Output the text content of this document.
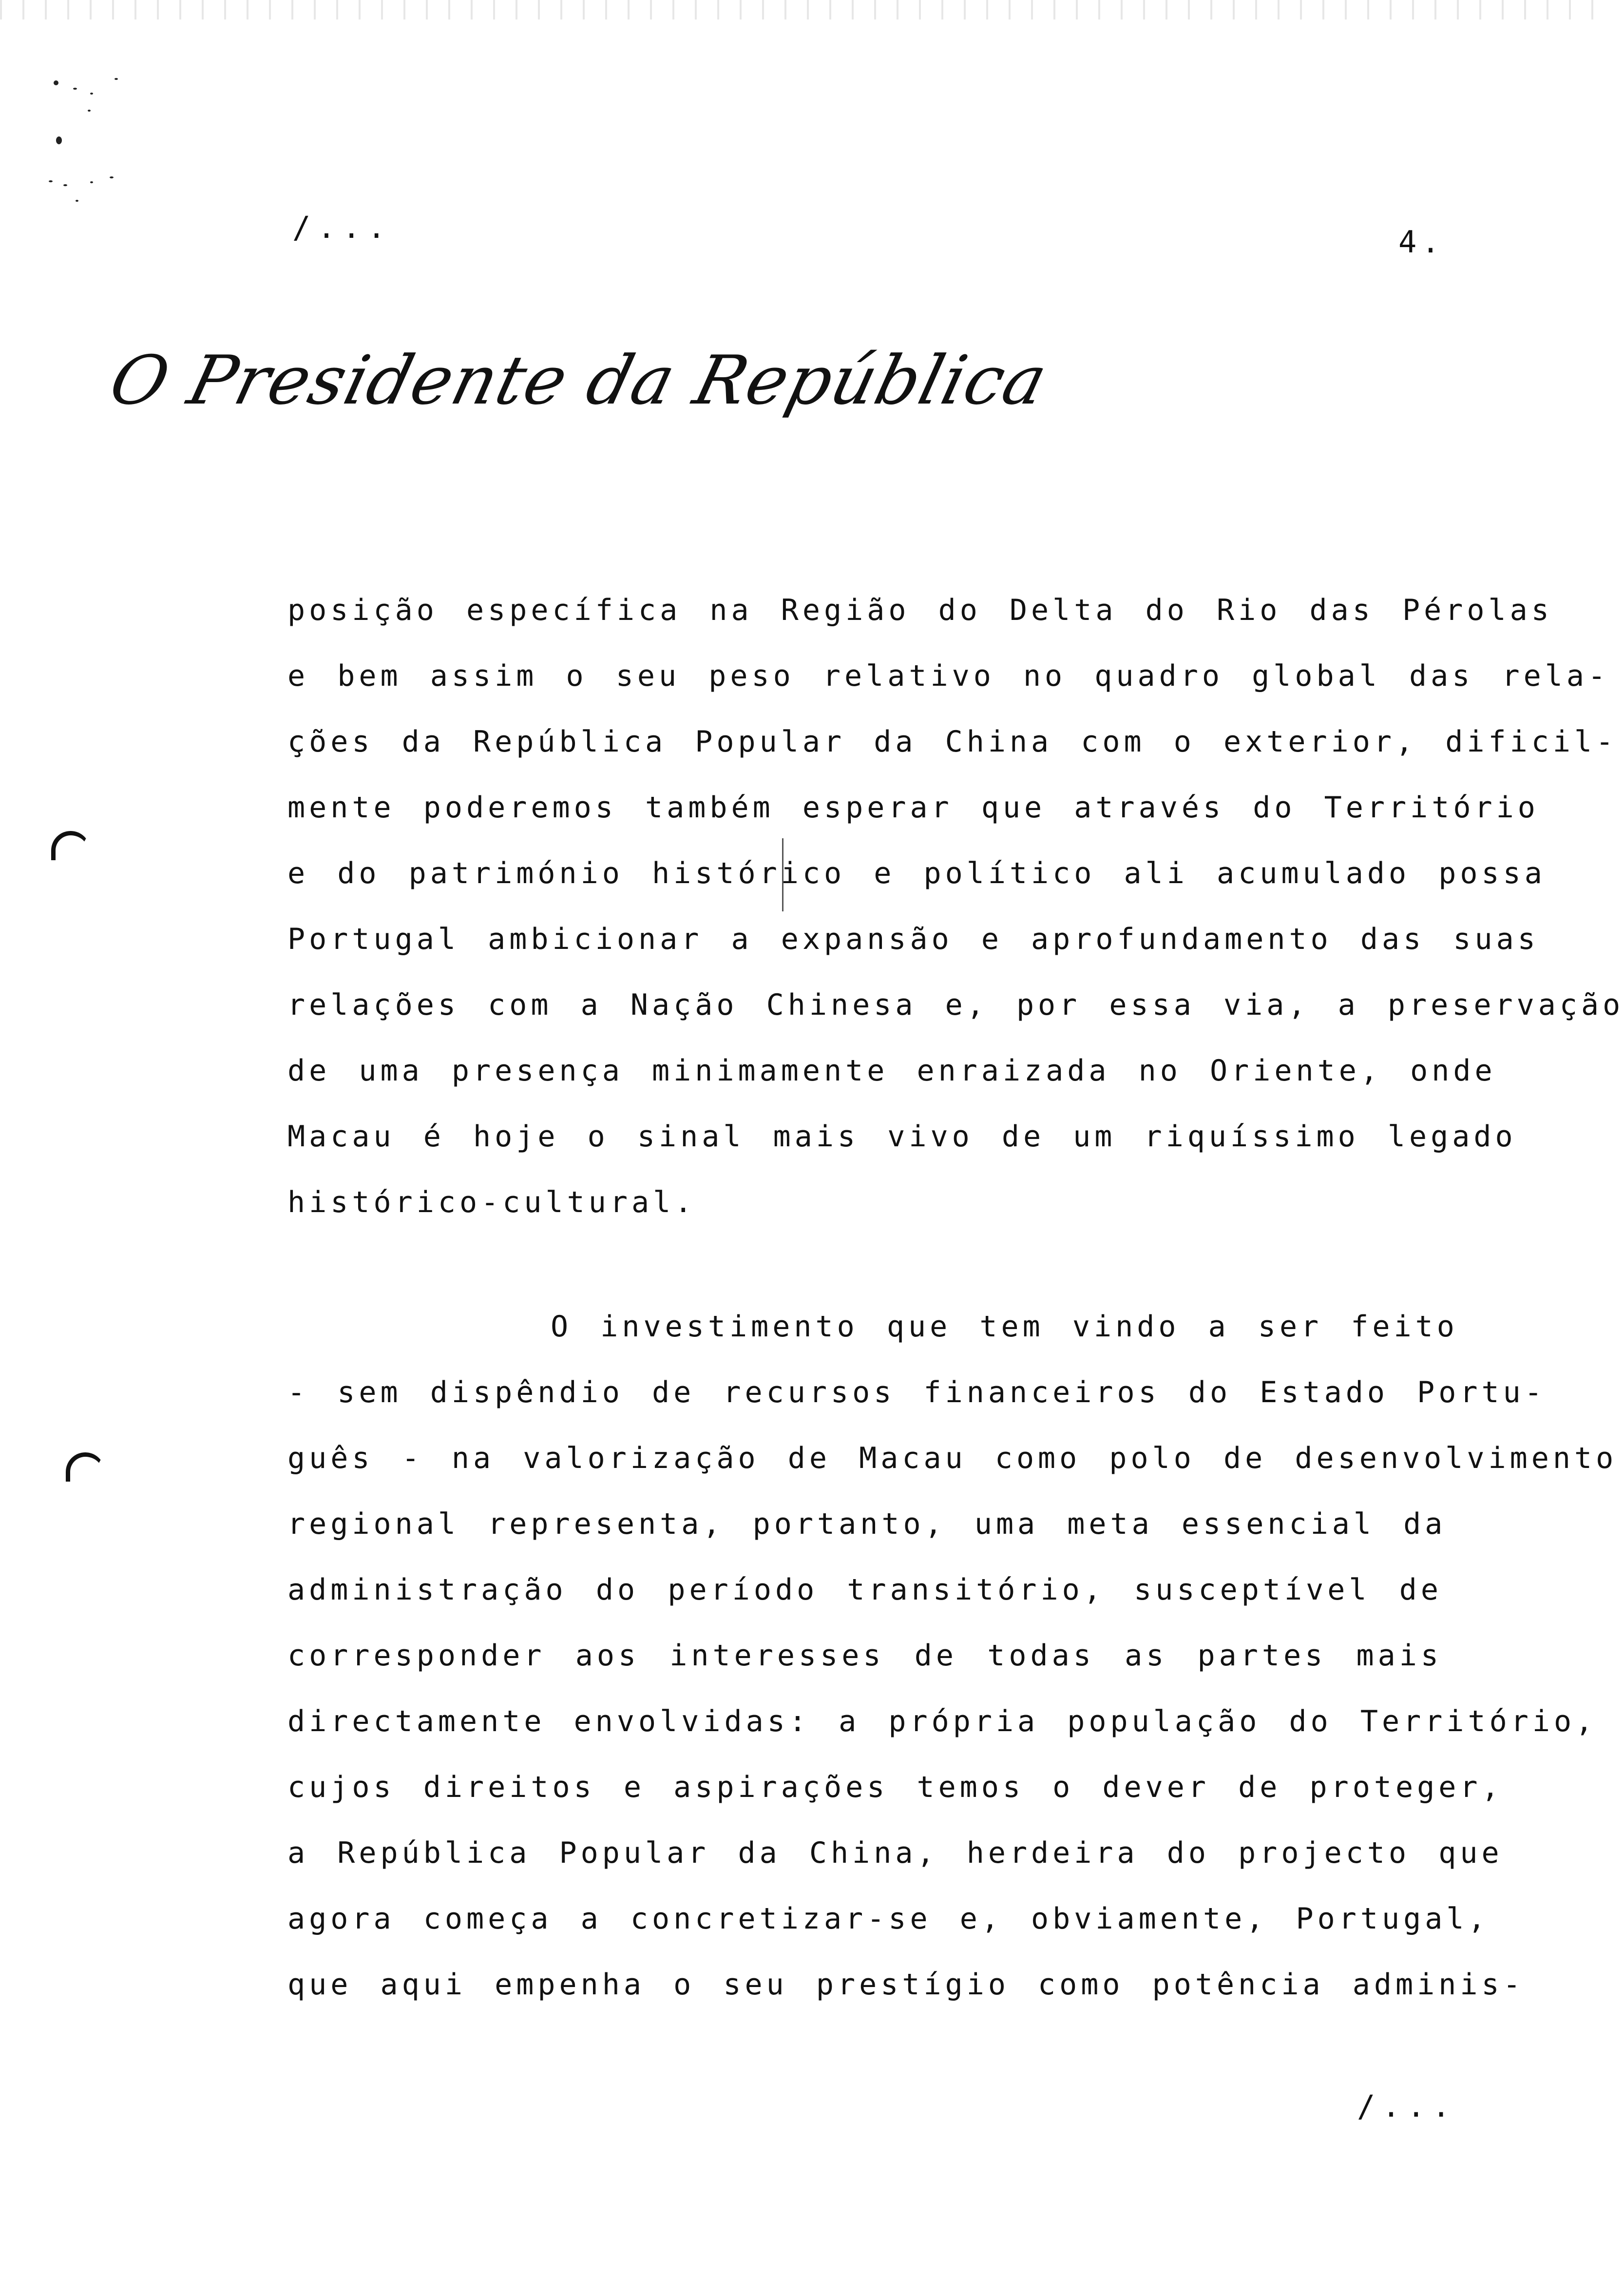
/...	4.
O Presidente da República
posição específica na Região do Delta do Rio das Pérolas
e bem assim o seu peso relativo no quadro global das rela-
ções da República Popular da China com o exterior, dificil-
mente poderemos também esperar que através do Território
e do património histórico e político ali acumulado possa
Portugal ambicionar a expansão e aprofundamento das suas
relações com a Nação Chinesa e, por essa via, a preservação
de uma presença minimamente enraizada no Oriente, onde
Macau é hoje o sinal mais vivo de um riquíssimo legado
histórico-cultural.
O investimento que tem vindo a ser feito
- sem dispêndio de recursos financeiros do Estado Portu-
guês - na valorização de Macau como polo de desenvolvimento
regional representa, portanto, uma meta essencial da
administração do período transitório, susceptível de
corresponder aos interesses de todas as partes mais
directamente envolvidas: a própria população do Território,
cujos direitos e aspirações temos o dever de proteger,
a República Popular da China, herdeira do projecto que
agora começa a concretizar-se e, obviamente, Portugal,
que aqui empenha o seu prestígio como potência adminis-
/...
